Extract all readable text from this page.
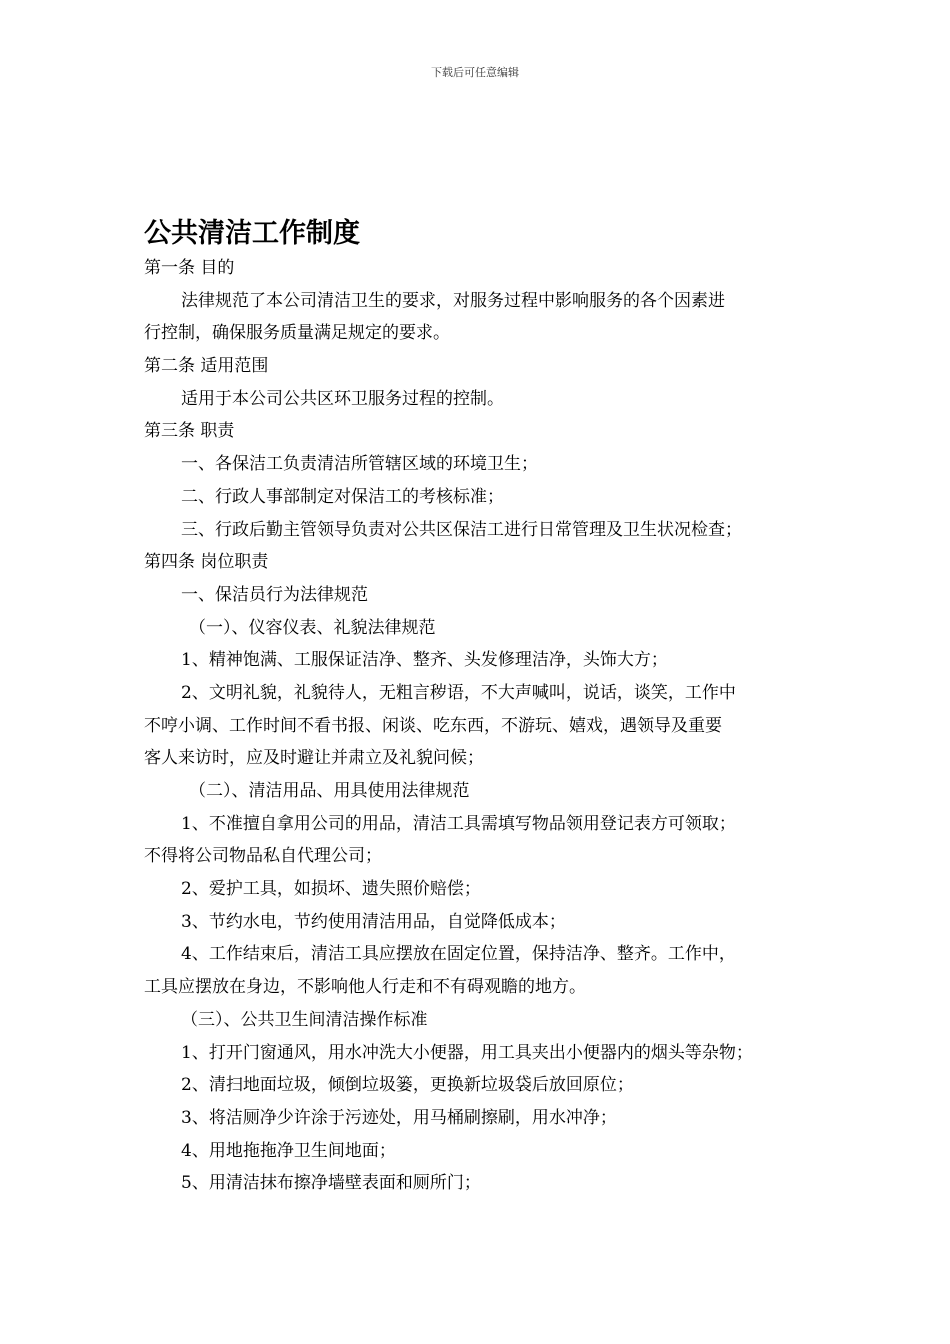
下载后可任意编辑
公共清洁工作制度
第一条 目的
法律规范了本公司清洁卫生的要求，对服务过程中影响服务的各个因素进
行控制，确保服务质量满足规定的要求。
第二条 适用范围
适用于本公司公共区环卫服务过程的控制。
第三条 职责
一、各保洁工负责清洁所管辖区域的环境卫生；
二、行政人事部制定对保洁工的考核标准；
三、行政后勤主管领导负责对公共区保洁工进行日常管理及卫生状况检查；
第四条 岗位职责
一、保洁员行为法律规范
（一）、仪容仪表、礼貌法律规范
1、精神饱满、工服保证洁净、整齐、头发修理洁净，头饰大方；
2、文明礼貌，礼貌待人，无粗言秽语，不大声喊叫，说话，谈笑，工作中
不哼小调、工作时间不看书报、闲谈、吃东西，不游玩、嬉戏，遇领导及重要
客人来访时，应及时避让并肃立及礼貌问候；
（二）、清洁用品、用具使用法律规范
1、不准擅自拿用公司的用品，清洁工具需填写物品领用登记表方可领取；
不得将公司物品私自代理公司；
2、爱护工具，如损坏、遗失照价赔偿；
3、节约水电，节约使用清洁用品，自觉降低成本；
4、工作结束后，清洁工具应摆放在固定位置，保持洁净、整齐。工作中，
工具应摆放在身边，不影响他人行走和不有碍观瞻的地方。
（三）、公共卫生间清洁操作标准
1、打开门窗通风，用水冲洗大小便器，用工具夹出小便器内的烟头等杂物；
2、清扫地面垃圾，倾倒垃圾篓，更换新垃圾袋后放回原位；
3、将洁厕净少许涂于污迹处，用马桶刷擦刷，用水冲净；
4、用地拖拖净卫生间地面；
5、用清洁抹布擦净墙壁表面和厕所门；
